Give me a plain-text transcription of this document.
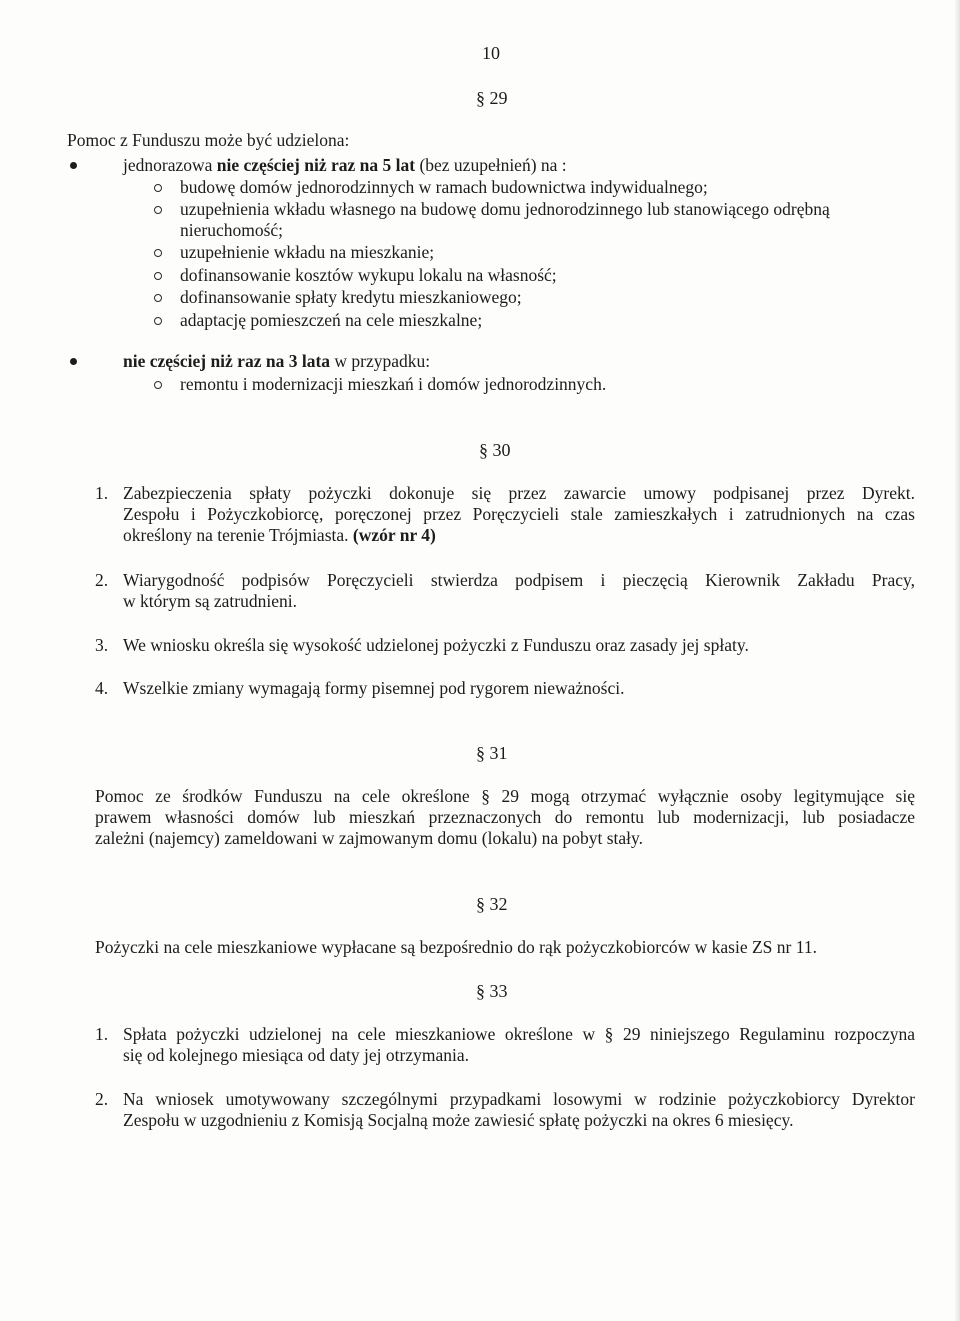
10
§ 29
Pomoc z Funduszu może być udzielona:
jednorazowa nie częściej niż raz na 5 lat (bez uzupełnień) na :
budowę domów jednorodzinnych w ramach budownictwa indywidualnego;
uzupełnienia wkładu własnego na budowę domu jednorodzinnego lub stanowiącego odrębną
nieruchomość;
uzupełnienie wkładu na mieszkanie;
dofinansowanie kosztów wykupu lokalu na własność;
dofinansowanie spłaty kredytu mieszkaniowego;
adaptację pomieszczeń na cele mieszkalne;
nie częściej niż raz na 3 lata w przypadku:
remontu i modernizacji mieszkań i domów jednorodzinnych.
§ 30
1. Zabezpieczenia spłaty pożyczki dokonuje się przez zawarcie umowy podpisanej przez Dyrekt.
Zespołu i Pożyczkobiorcę, poręczonej przez Poręczycieli stale zamieszkałych i zatrudnionych na czas
określony na terenie Trójmiasta. (wzór nr 4)
2. Wiarygodność podpisów Poręczycieli stwierdza podpisem i pieczęcią Kierownik Zakładu Pracy,
w którym są zatrudnieni.
3. We wniosku określa się wysokość udzielonej pożyczki z Funduszu oraz zasady jej spłaty.
4. Wszelkie zmiany wymagają formy pisemnej pod rygorem nieważności.
§ 31
Pomoc ze środków Funduszu na cele określone § 29 mogą otrzymać wyłącznie osoby legitymujące się
prawem własności domów lub mieszkań przeznaczonych do remontu lub modernizacji, lub posiadacze
zależni (najemcy) zameldowani w zajmowanym domu (lokalu) na pobyt stały.
§ 32
Pożyczki na cele mieszkaniowe wypłacane są bezpośrednio do rąk pożyczkobiorców w kasie ZS nr 11.
§ 33
1. Spłata pożyczki udzielonej na cele mieszkaniowe określone w § 29 niniejszego Regulaminu rozpoczyna
się od kolejnego miesiąca od daty jej otrzymania.
2. Na wniosek umotywowany szczególnymi przypadkami losowymi w rodzinie pożyczkobiorcy Dyrektor
Zespołu w uzgodnieniu z Komisją Socjalną może zawiesić spłatę pożyczki na okres 6 miesięcy.
